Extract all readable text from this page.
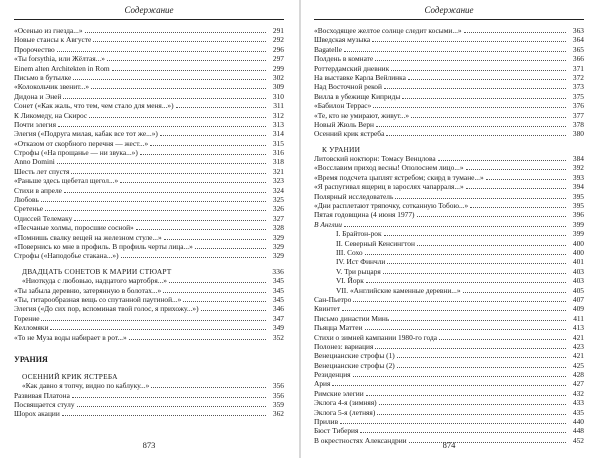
Содержание
«Осенью из гнезда...»	291
Новые стансы к Августе	292
Пророчество	296
«Ты forsythia, или Жёлтая...»	297
Einem alten Architekten in Rom	299
Письмо в бутылке	302
«Колокольчик звенит...»	309
Дидона и Эней	310
Сонет («Как жаль, что тем, чем стало для меня...»)	311
К Ликомеду, на Скирос	312
Почти элегия	313
Элегия («Подруга милая, кабак все тот же...»)	314
«Отказом от скорбного перечня — жест...»	315
Строфы («На прощанье — ни звука...»)	316
Anno Domini	318
Шесть лет спустя	321
«Раньше здесь щебетал щегол...»	323
Стихи в апреле	324
Любовь	325
Сретенье	326
Одиссей Телемаку	327
«Песчаные холмы, поросшие сосной»	328
«Помнишь свалку вещей на железном стуле...»	329
«Повернись ко мне в профиль. В профиль черты лица...»	329
Строфы («Наподобье стакана...»)	329
ДВАДЦАТЬ СОНЕТОВ К МАРИИ СТЮАРТ	336
«Ниоткуда с любовью, надцатого мартобря...»	345
«Ты забыла деревню, затерянную в болотах...»	345
«Ты, гитарообразная вещь со спутанной паутиной...»	345
Элегия («До сих пор, вспоминая твой голос, я прихожу...»)	346
Горение	347
Келломяки	349
«То не Муза воды набирает в рот...»	352
УРАНИЯ
ОСЕННИЙ КРИК ЯСТРЕБА
«Как давно я топчу, видно по каблуку...»	356
Развивая Платона	356
Посвящается стулу	359
Шорох акации	362
873
Содержание
«Восходящее желтое солнце следит косыми...»	363
Шведская музыка	364
Bagatelle	365
Полдень в комнате	366
Роттердамский дневник	371
На выставке Карла Вейлинка	372
Над Восточной рекой	373
Вилла в убежище Киприды	375
«Бабилон Террас»	376
«Те, кто не умирают, живут...»	377
Новый Жюль Верн	378
Осенний крик ястреба	380
К УРАНИИ
Литовский ноктюрн: Томасу Венцлова	384
«Восславим приход весны! Ополоснем лицо...»	392
«Время подсчета цыплят ястребом; скирд в тумане...»	393
«Я распугивал ящериц в зарослях чапарраля...»	394
Полярный исследователь	395
«Дни расплетают тряпочку, сотканную Тобою...»	395
Пятая годовщина (4 июня 1977)	396
В Англии	399
I. Брайтон-рок	399
II. Северный Кенсингтон	400
III. Сохо	400
IV. Ист Финчли	401
V. Три рыцаря	403
VI. Йорк	403
VII. «Английские каменные деревни...»	405
Сан-Пьетро	407
Квинтет	409
Письмо династии Минь	411
Пьяцца Маттеи	413
Стихи о зимней кампании 1980-го года	421
Полонез: вариация	423
Венецианские строфы (1)	421
Венецианские строфы (2)	425
Резиденция	428
Ария	427
Римские элегии	432
Эклога 4-я (зимняя)	433
Эклога 5-я (летняя)	435
Прилив	440
Бюст Тиберия	448
В окрестностях Александрии	452
874
